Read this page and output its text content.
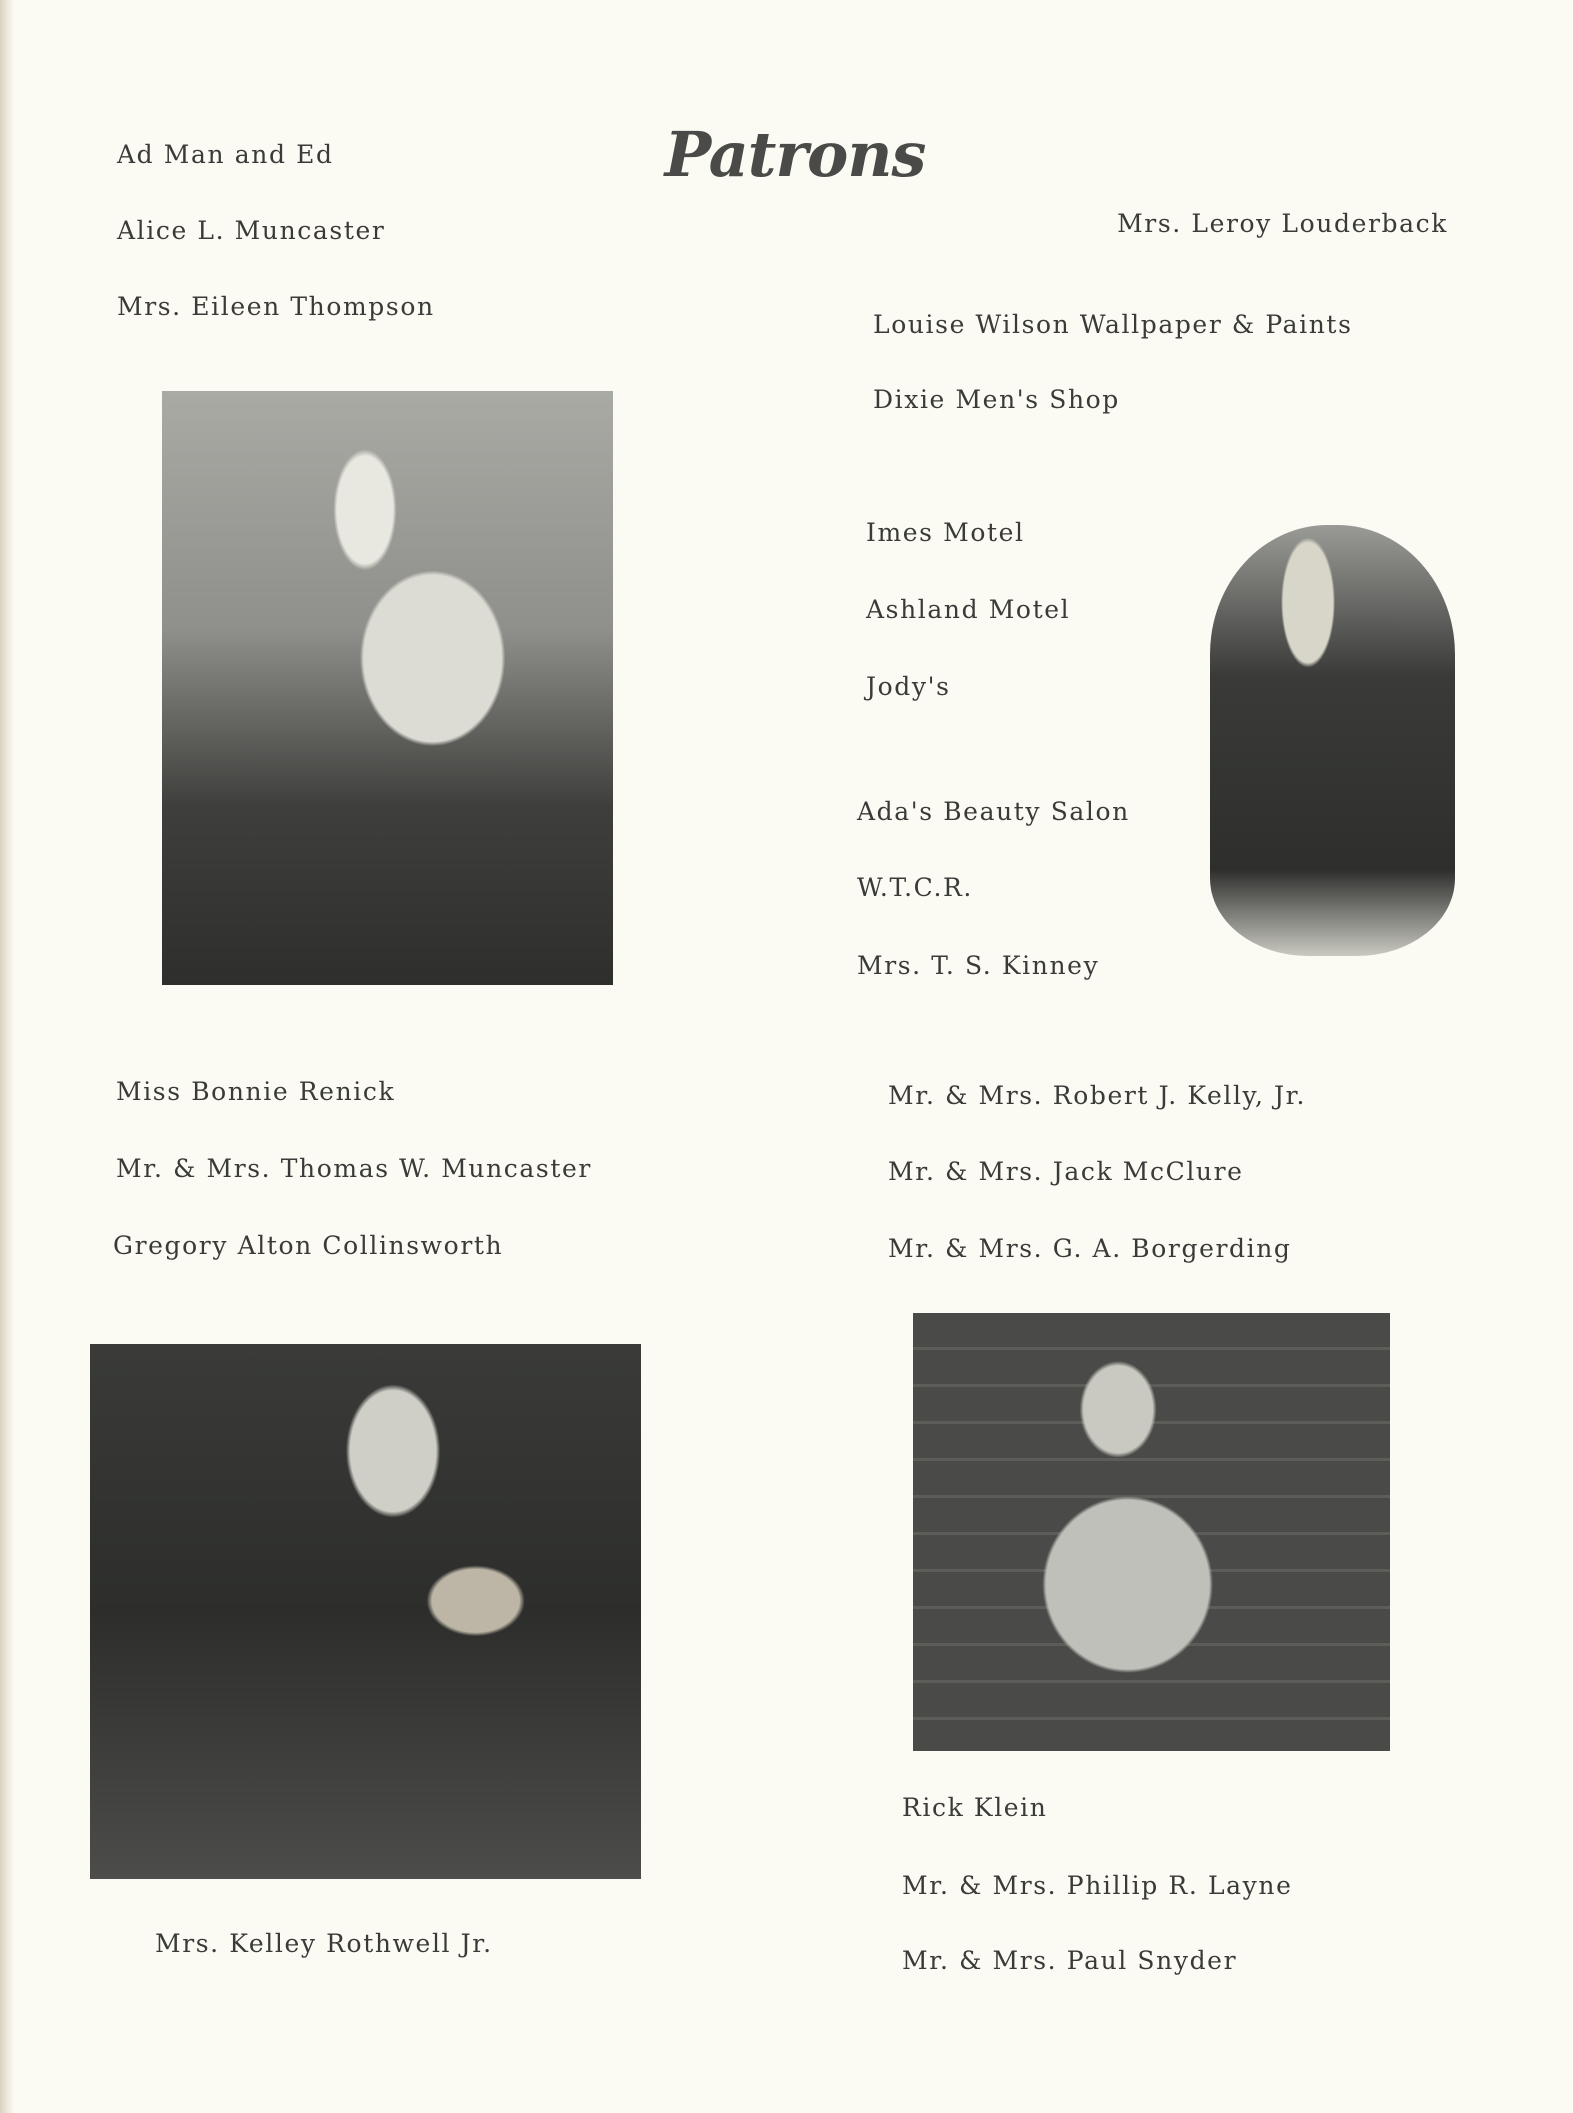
Patrons
Ad Man and Ed
Alice L. Muncaster
Mrs. Eileen Thompson
Mrs. Leroy Louderback
Louise Wilson Wallpaper & Paints
Dixie Men's Shop
Imes Motel
Ashland Motel
Jody's
Ada's Beauty Salon
W.T.C.R.
Mrs. T. S. Kinney
Miss Bonnie Renick
Mr. & Mrs. Thomas W. Muncaster
Gregory Alton Collinsworth
Mr. & Mrs. Robert J. Kelly, Jr.
Mr. & Mrs. Jack McClure
Mr. & Mrs. G. A. Borgerding
Mrs. Kelley Rothwell Jr.
Rick Klein
Mr. & Mrs. Phillip R. Layne
Mr. & Mrs. Paul Snyder
